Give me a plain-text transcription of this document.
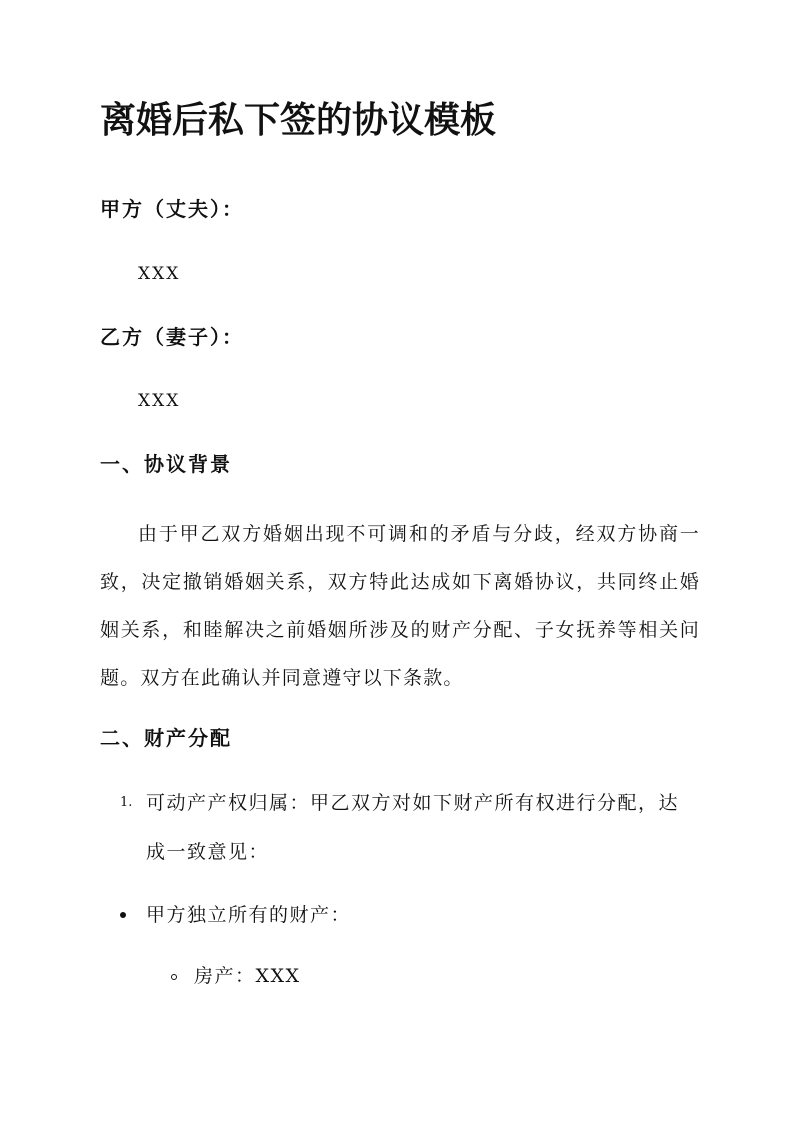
离婚后私下签的协议模板
甲方（丈夫）：
XXX
乙方（妻子）：
XXX
一、协议背景
由于甲乙双方婚姻出现不可调和的矛盾与分歧，经双方协商一致，决定撤销婚姻关系，双方特此达成如下离婚协议，共同终止婚姻关系，和睦解决之前婚姻所涉及的财产分配、子女抚养等相关问题。双方在此确认并同意遵守以下条款。
二、财产分配
1. 可动产产权归属：甲乙双方对如下财产所有权进行分配，达
成一致意见：
甲方独立所有的财产：
房产：XXX
